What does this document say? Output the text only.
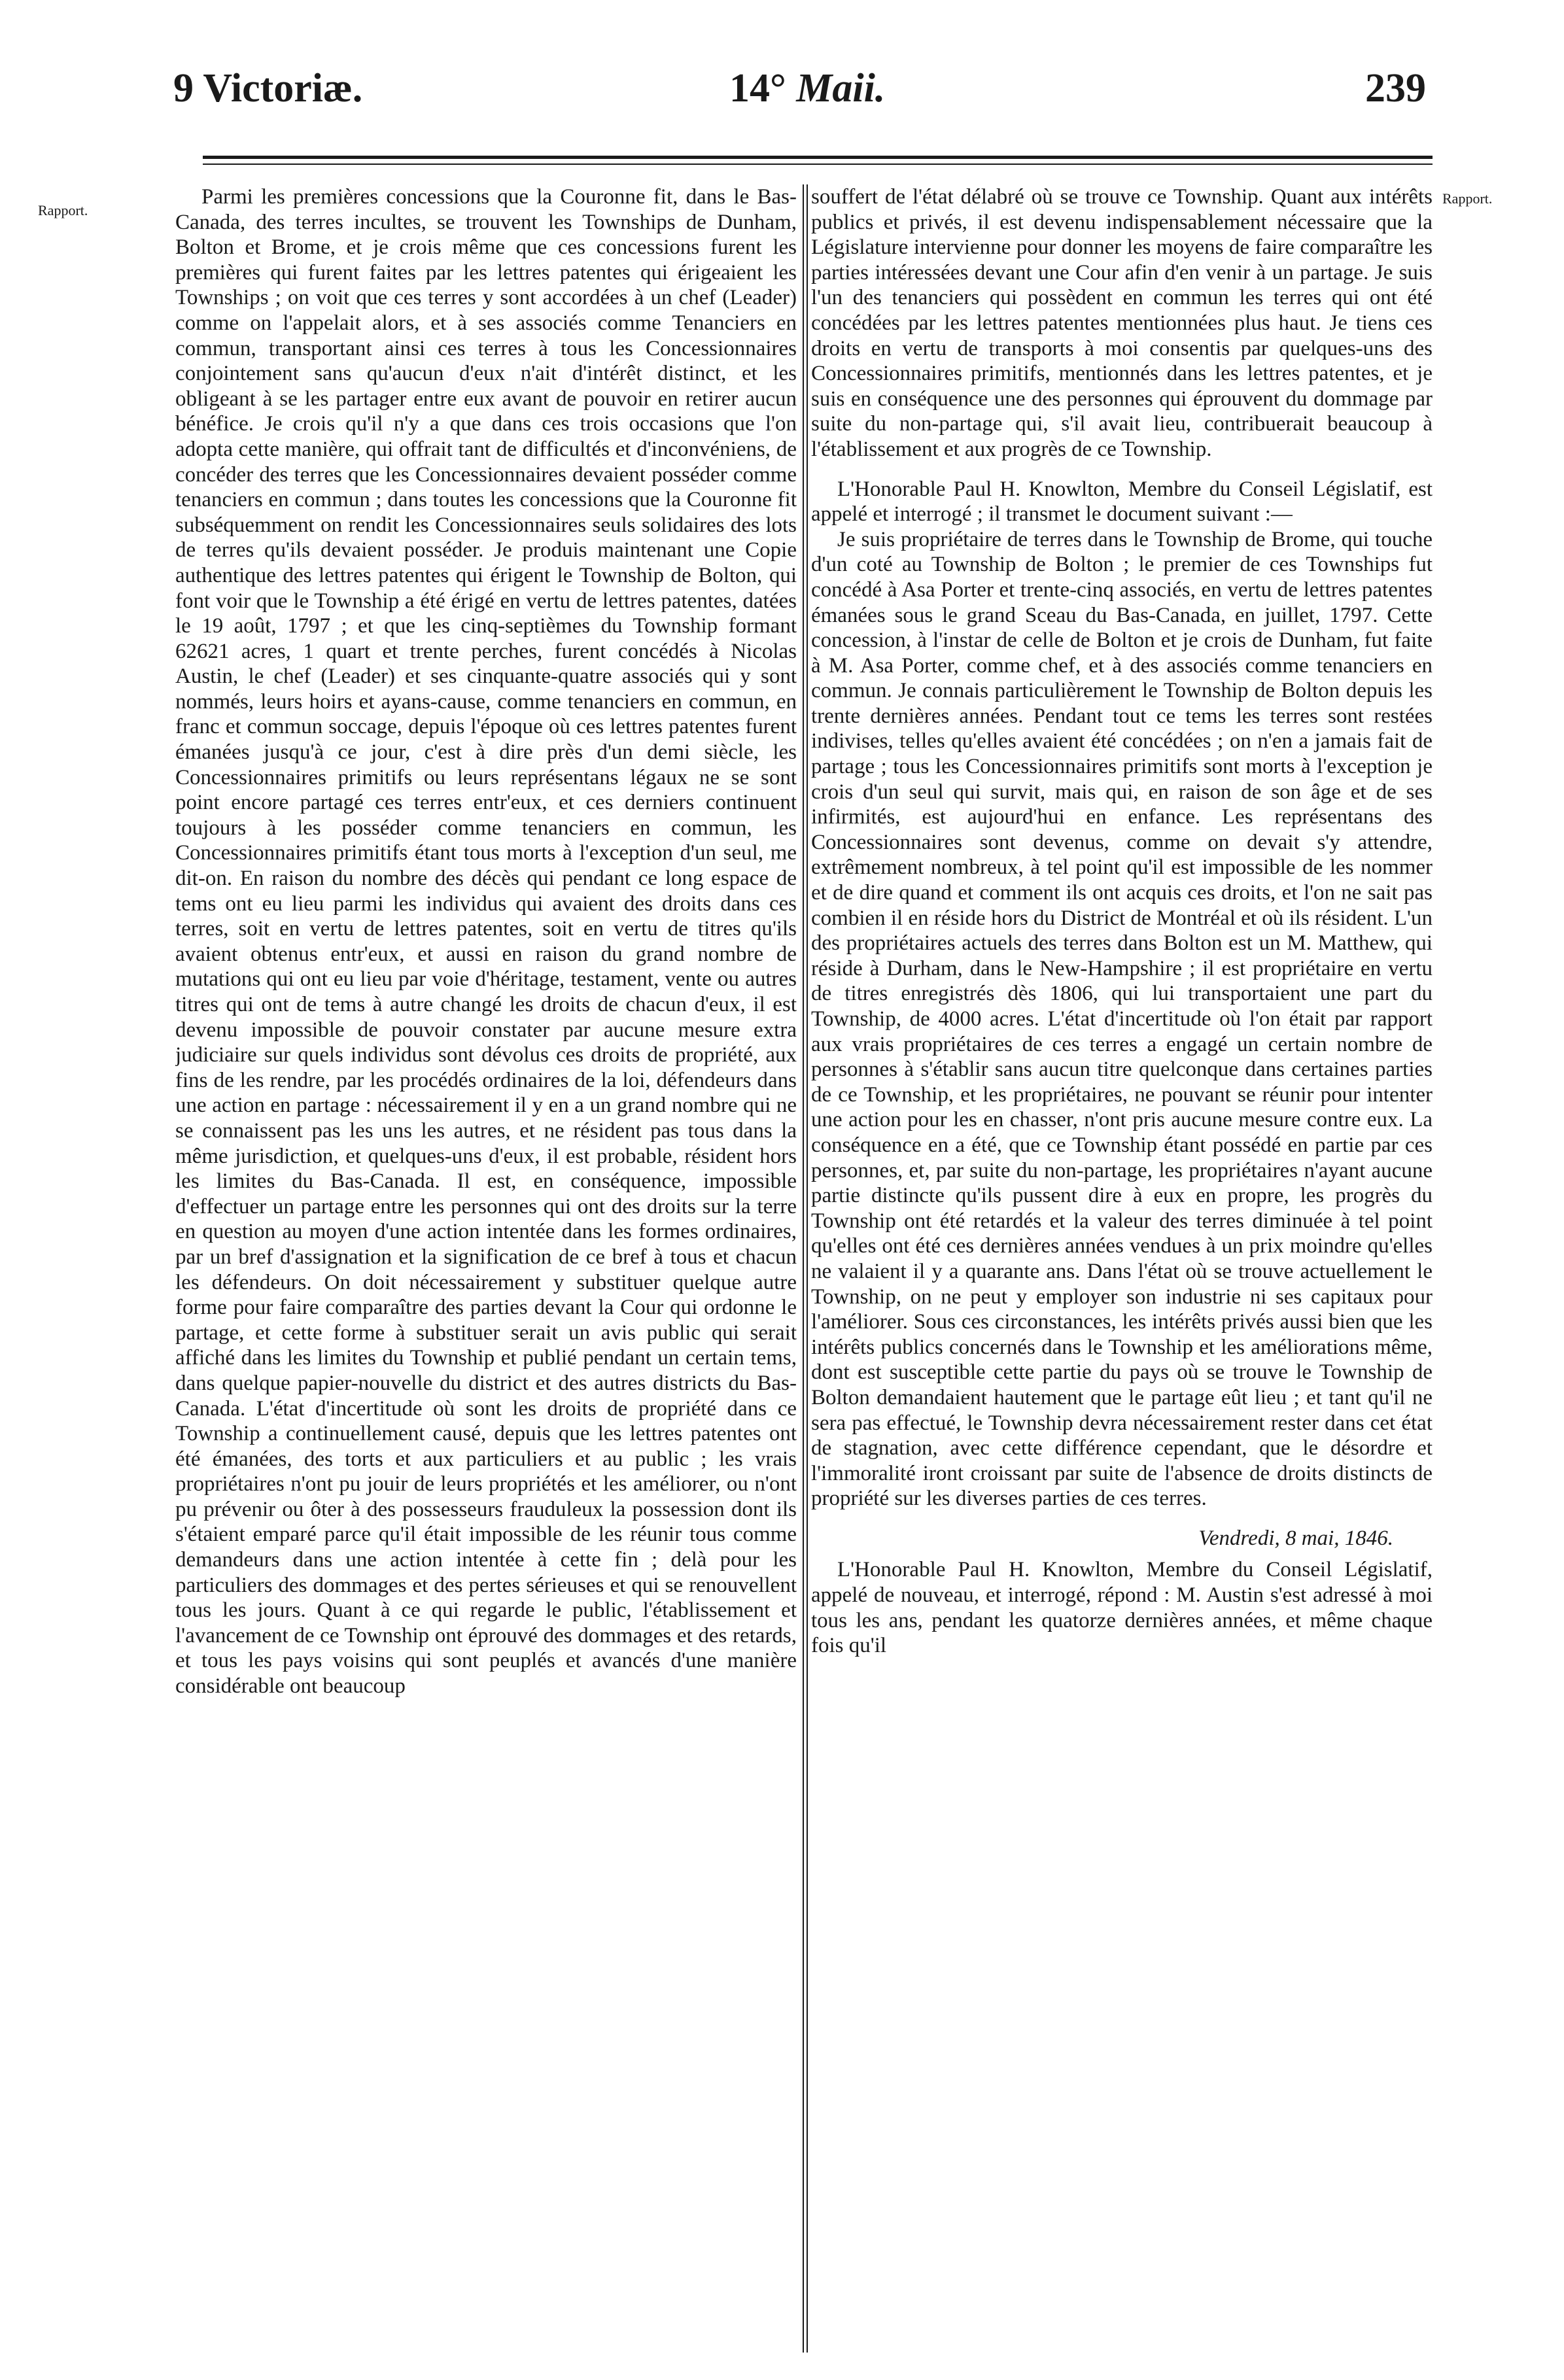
9 Victoriæ.	14° Maii.	239
Rapport.
Rapport.

Parmi les premières concessions que la Couronne fit, dans le Bas-Canada, des terres incultes, se trouvent les Townships de Dunham, Bolton et Brome, et je crois même que ces concessions furent les premières qui furent faites par les lettres patentes qui érigeaient les Townships ; on voit que ces terres y sont accordées à un chef (Leader) comme on l'appelait alors, et à ses associés comme Tenanciers en commun, transportant ainsi ces terres à tous les Concessionnaires conjointement sans qu'aucun d'eux n'ait d'intérêt distinct, et les obligeant à se les partager entre eux avant de pouvoir en retirer aucun bénéfice. Je crois qu'il n'y a que dans ces trois occasions que l'on adopta cette manière, qui offrait tant de difficultés et d'inconvéniens, de concéder des terres que les Concessionnaires devaient posséder comme tenanciers en commun ; dans toutes les concessions que la Couronne fit subséquemment on rendit les Concessionnaires seuls solidaires des lots de terres qu'ils devaient posséder. Je produis maintenant une Copie authentique des lettres patentes qui érigent le Township de Bolton, qui font voir que le Township a été érigé en vertu de lettres patentes, datées le 19 août, 1797 ; et que les cinq-septièmes du Township formant 62621 acres, 1 quart et trente perches, furent concédés à Nicolas Austin, le chef (Leader) et ses cinquante-quatre associés qui y sont nommés, leurs hoirs et ayans-cause, comme tenanciers en commun, en franc et commun soccage, depuis l'époque où ces lettres patentes furent émanées jusqu'à ce jour, c'est à dire près d'un demi siècle, les Concessionnaires primitifs ou leurs représentans légaux ne se sont point encore partagé ces terres entr'eux, et ces derniers continuent toujours à les posséder comme tenanciers en commun, les Concessionnaires primitifs étant tous morts à l'exception d'un seul, me dit-on. En raison du nombre des décès qui pendant ce long espace de tems ont eu lieu parmi les individus qui avaient des droits dans ces terres, soit en vertu de lettres patentes, soit en vertu de titres qu'ils avaient obtenus entr'eux, et aussi en raison du grand nombre de mutations qui ont eu lieu par voie d'héritage, testament, vente ou autres titres qui ont de tems à autre changé les droits de chacun d'eux, il est devenu impossible de pouvoir constater par aucune mesure extra judiciaire sur quels individus sont dévolus ces droits de propriété, aux fins de les rendre, par les procédés ordinaires de la loi, défendeurs dans une action en partage : nécessairement il y en a un grand nombre qui ne se connaissent pas les uns les autres, et ne résident pas tous dans la même jurisdiction, et quelques-uns d'eux, il est probable, résident hors les limites du Bas-Canada. Il est, en conséquence, impossible d'effectuer un partage entre les personnes qui ont des droits sur la terre en question au moyen d'une action intentée dans les formes ordinaires, par un bref d'assignation et la signification de ce bref à tous et chacun les défendeurs. On doit nécessairement y substituer quelque autre forme pour faire comparaître des parties devant la Cour qui ordonne le partage, et cette forme à substituer serait un avis public qui serait affiché dans les limites du Township et publié pendant un certain tems, dans quelque papier-nouvelle du district et des autres districts du Bas-Canada. L'état d'incertitude où sont les droits de propriété dans ce Township a continuellement causé, depuis que les lettres patentes ont été émanées, des torts et aux particuliers et au public ; les vrais propriétaires n'ont pu jouir de leurs propriétés et les améliorer, ou n'ont pu prévenir ou ôter à des possesseurs frauduleux la possession dont ils s'étaient emparé parce qu'il était impossible de les réunir tous comme demandeurs dans une action intentée à cette fin ; delà pour les particuliers des dommages et des pertes sérieuses et qui se renouvellent tous les jours. Quant à ce qui regarde le public, l'établissement et l'avancement de ce Township ont éprouvé des dommages et des retards, et tous les pays voisins qui sont peuplés et avancés d'une manière considérable ont beaucoup

souffert de l'état délabré où se trouve ce Township. Quant aux intérêts publics et privés, il est devenu indispensablement nécessaire que la Législature intervienne pour donner les moyens de faire comparaître les parties intéressées devant une Cour afin d'en venir à un partage. Je suis l'un des tenanciers qui possèdent en commun les terres qui ont été concédées par les lettres patentes mentionnées plus haut. Je tiens ces droits en vertu de transports à moi consentis par quelques-uns des Concessionnaires primitifs, mentionnés dans les lettres patentes, et je suis en conséquence une des personnes qui éprouvent du dommage par suite du non-partage qui, s'il avait lieu, contribuerait beaucoup à l'établissement et aux progrès de ce Township.

L'Honorable Paul H. Knowlton, Membre du Conseil Législatif, est appelé et interrogé ; il transmet le document suivant :—

Je suis propriétaire de terres dans le Township de Brome, qui touche d'un coté au Township de Bolton ; le premier de ces Townships fut concédé à Asa Porter et trente-cinq associés, en vertu de lettres patentes émanées sous le grand Sceau du Bas-Canada, en juillet, 1797. Cette concession, à l'instar de celle de Bolton et je crois de Dunham, fut faite à M. Asa Porter, comme chef, et à des associés comme tenanciers en commun. Je connais particulièrement le Township de Bolton depuis les trente dernières années. Pendant tout ce tems les terres sont restées indivises, telles qu'elles avaient été concédées ; on n'en a jamais fait de partage ; tous les Concessionnaires primitifs sont morts à l'exception je crois d'un seul qui survit, mais qui, en raison de son âge et de ses infirmités, est aujourd'hui en enfance. Les représentans des Concessionnaires sont devenus, comme on devait s'y attendre, extrêmement nombreux, à tel point qu'il est impossible de les nommer et de dire quand et comment ils ont acquis ces droits, et l'on ne sait pas combien il en réside hors du District de Montréal et où ils résident. L'un des propriétaires actuels des terres dans Bolton est un M. Matthew, qui réside à Durham, dans le New-Hampshire ; il est propriétaire en vertu de titres enregistrés dès 1806, qui lui transportaient une part du Township, de 4000 acres. L'état d'incertitude où l'on était par rapport aux vrais propriétaires de ces terres a engagé un certain nombre de personnes à s'établir sans aucun titre quelconque dans certaines parties de ce Township, et les propriétaires, ne pouvant se réunir pour intenter une action pour les en chasser, n'ont pris aucune mesure contre eux. La conséquence en a été, que ce Township étant possédé en partie par ces personnes, et, par suite du non-partage, les propriétaires n'ayant aucune partie distincte qu'ils pussent dire à eux en propre, les progrès du Township ont été retardés et la valeur des terres diminuée à tel point qu'elles ont été ces dernières années vendues à un prix moindre qu'elles ne valaient il y a quarante ans. Dans l'état où se trouve actuellement le Township, on ne peut y employer son industrie ni ses capitaux pour l'améliorer. Sous ces circonstances, les intérêts privés aussi bien que les intérêts publics concernés dans le Township et les améliorations même, dont est susceptible cette partie du pays où se trouve le Township de Bolton demandaient hautement que le partage eût lieu ; et tant qu'il ne sera pas effectué, le Township devra nécessairement rester dans cet état de stagnation, avec cette différence cependant, que le désordre et l'immoralité iront croissant par suite de l'absence de droits distincts de propriété sur les diverses parties de ces terres.

Vendredi, 8 mai, 1846.

L'Honorable Paul H. Knowlton, Membre du Conseil Législatif, appelé de nouveau, et interrogé, répond : M. Austin s'est adressé à moi tous les ans, pendant les quatorze dernières années, et même chaque fois qu'il
